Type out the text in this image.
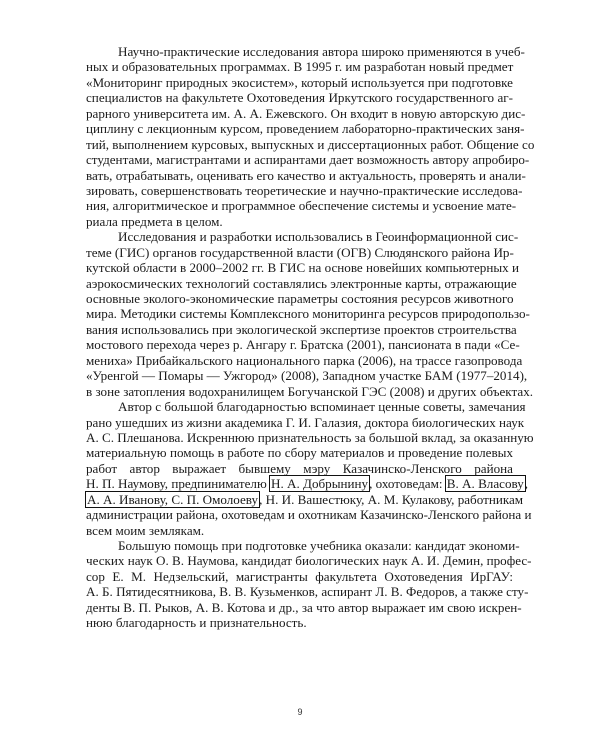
Научно-практические исследования автора широко применяются в учеб-
ных и образовательных программах. В 1995 г. им разработан новый предмет
«Мониторинг природных экосистем», который используется при подготовке
специалистов на факультете Охотоведения Иркутского государственного аг-
рарного университета им. А. А. Ежевского. Он входит в новую авторскую дис-
циплину с лекционным курсом, проведением лабораторно-практических заня-
тий, выполнением курсовых, выпускных и диссертационных работ. Общение со
студентами, магистрантами и аспирантами дает возможность автору апробиро-
вать, отрабатывать, оценивать его качество и актуальность, проверять и анали-
зировать, совершенствовать теоретические и научно-практические исследова-
ния, алгоритмическое и программное обеспечение системы и усвоение мате-
риала предмета в целом.
Исследования и разработки использовались в Геоинформационной сис-
теме (ГИС) органов государственной власти (ОГВ) Слюдянского района Ир-
кутской области в 2000–2002 гг. В ГИС на основе новейших компьютерных и
аэрокосмических технологий составлялись электронные карты, отражающие
основные эколого-экономические параметры состояния ресурсов животного
мира. Методики системы Комплексного мониторинга ресурсов природопользо-
вания использовались при экологической экспертизе проектов строительства
мостового перехода через р. Ангару г. Братска (2001), пансионата в пади «Се-
мениха» Прибайкальского национального парка (2006), на трассе газопровода
«Уренгой — Помары — Ужгород» (2008), Западном участке БАМ (1977–2014),
в зоне затопления водохранилищем Богучанской ГЭС (2008) и других объектах.
Автор с большой благодарностью вспоминает ценные советы, замечания
рано ушедших из жизни академика Г. И. Галазия, доктора биологических наук
А. С. Плешанова. Искреннюю признательность за большой вклад, за оказанную
материальную помощь в работе по сбору материалов и проведение полевых
работ автор выражает бывшему мэру Казачинско-Ленского района
Н. П. Наумову, предпинимателю Н. А. Добрынину, охотоведам: В. А. Власову,
А. А. Иванову, С. П. Омолоеву, Н. И. Вашестюку, А. М. Кулакову, работникам
администрации района, охотоведам и охотникам Казачинско-Ленского района и
всем моим землякам.
Большую помощь при подготовке учебника оказали: кандидат экономи-
ческих наук О. В. Наумова, кандидат биологических наук А. И. Демин, профес-
сор Е. М. Недзельский, магистранты факультета Охотоведения ИрГАУ:
А. Б. Пятидесятникова, В. В. Кузьменков, аспирант Л. В. Федоров, а также сту-
денты В. П. Рыков, А. В. Котова и др., за что автор выражает им свою искрен-
нюю благодарность и признательность.
9
